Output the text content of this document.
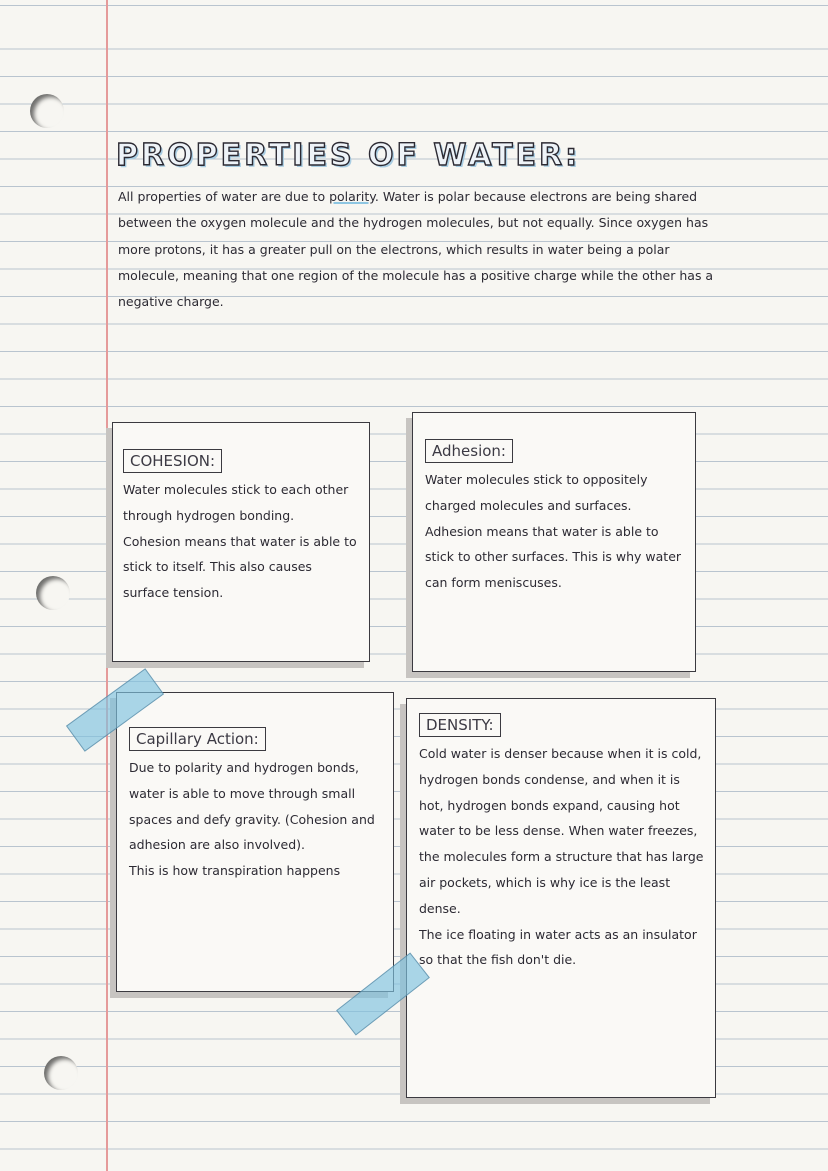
PROPERTIES OF WATER:

All properties of water are due to polarity. Water is polar because electrons are being shared between the oxygen molecule and the hydrogen molecules, but not equally. Since oxygen has more protons, it has a greater pull on the electrons, which results in water being a polar molecule, meaning that one region of the molecule has a positive charge while the other has a negative charge.

COHESION:

Water molecules stick to each other through hydrogen bonding.

Cohesion means that water is able to stick to itself. This also causes surface tension.

Adhesion:

Water molecules stick to oppositely charged molecules and surfaces.

Adhesion means that water is able to stick to other surfaces. This is why water can form meniscuses.

Capillary Action:

Due to polarity and hydrogen bonds, water is able to move through small spaces and defy gravity. (Cohesion and adhesion are also involved).

This is how transpiration happens

DENSITY:

Cold water is denser because when it is cold, hydrogen bonds condense, and when it is hot, hydrogen bonds expand, causing hot water to be less dense. When water freezes, the molecules form a structure that has large air pockets, which is why ice is the least dense.

The ice floating in water acts as an insulator so that the fish don't die.
